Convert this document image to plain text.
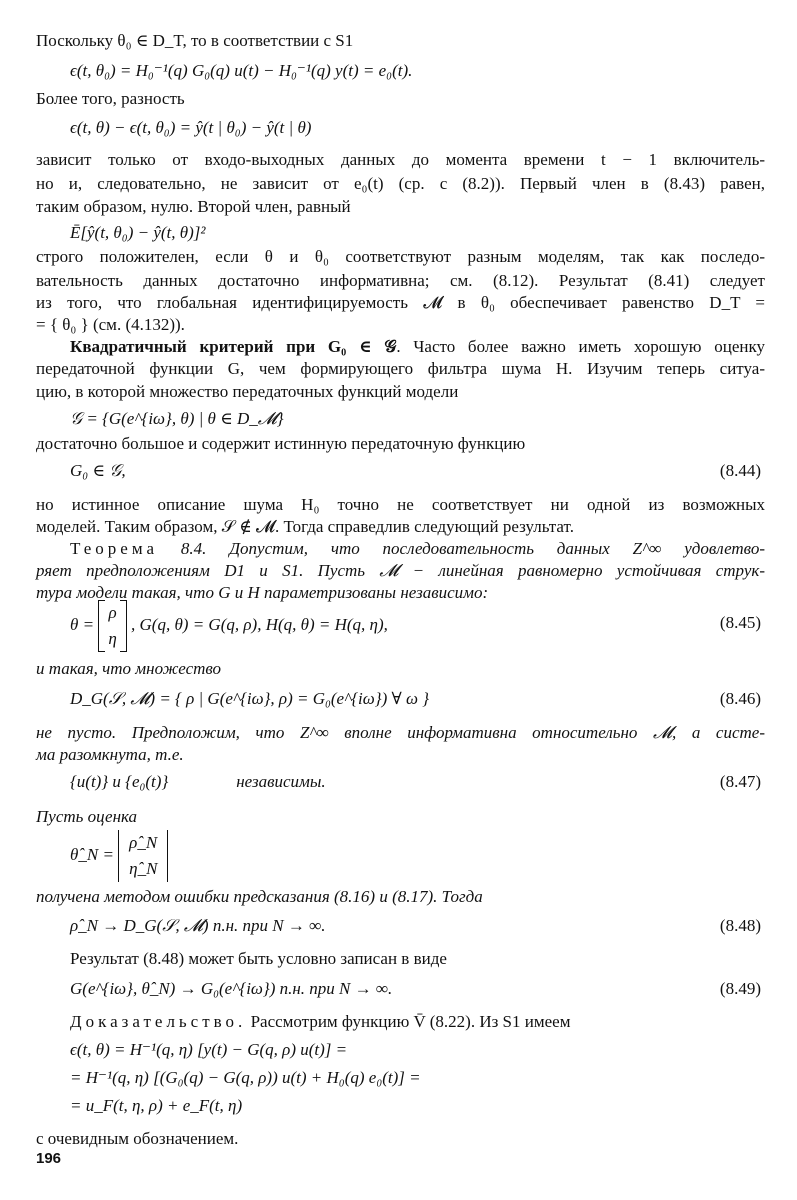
Поскольку θ₀ ∈ D_T, то в соответствии с S1
ϵ(t, θ₀) = H₀⁻¹(q) G₀(q) u(t) − H₀⁻¹(q) y(t) = e₀(t).
Более того, разность
ϵ(t, θ) − ϵ(t, θ₀) = ŷ(t | θ₀) − ŷ(t | θ)
зависит только от входо-выходных данных до момента времени t − 1 включитель-
но и, следовательно, не зависит от e₀(t) (ср. с (8.2)). Первый член в (8.43) равен,
таким образом, нулю. Второй член, равный
Ē[ŷ(t, θ₀) − ŷ(t, θ)]²
строго положителен, если θ и θ₀ соответствуют разным моделям, так как последо-
вательность данных достаточно информативна; см. (8.12). Результат (8.41) следует
из того, что глобальная идентифицируемость 𝓜 в θ₀ обеспечивает равенство D_T =
= { θ₀ } (см. (4.132)).
Квадратичный критерий при G₀ ∈ 𝒢. Часто более важно иметь хорошую оценку
передаточной функции G, чем формирующего фильтра шума H. Изучим теперь ситуа-
цию, в которой множество передаточных функций модели
𝒢 = {G(e^{iω}, θ) | θ ∈ D_𝓜}
достаточно большое и содержит истинную передаточную функцию
G₀ ∈ 𝒢,	(8.44)
но истинное описание шума H₀ точно не соответствует ни одной из возможных
моделей. Таким образом, 𝒮 ∉ 𝓜. Тогда справедлив следующий результат.
Теорема 8.4. Допустим, что последовательность данных Z^∞ удовлетво-
ряет предположениям D1 и S1. Пусть 𝓜 − линейная равномерно устойчивая струк-
тура модели такая, что G и H параметризованы независимо:
θ =
ρ
η
, G(q, θ) = G(q, ρ), H(q, θ) = H(q, η),	(8.45)
и такая, что множество
D_G(𝒮, 𝓜) = { ρ | G(e^{iω}, ρ) = G₀(e^{iω}) ∀ ω }	(8.46)
не пусто. Предположим, что Z^∞ вполне информативна относительно 𝓜, а систе-
ма разомкнута, т.е.
{u(t)} и {e₀(t)}	независимы.	(8.47)
Пусть оценка
θ̂_N =
ρ̂_N
η̂_N
получена методом ошибки предсказания (8.16) и (8.17). Тогда
ρ̂_N → D_G(𝒮, 𝓜) п.н. при N → ∞.	(8.48)
Результат (8.48) может быть условно записан в виде
G(e^{iω}, θ̂_N) → G₀(e^{iω}) п.н. при N → ∞.	(8.49)
Доказательство. Рассмотрим функцию V̄ (8.22). Из S1 имеем
ϵ(t, θ) = H⁻¹(q, η) [y(t) − G(q, ρ) u(t)] =
= H⁻¹(q, η) [(G₀(q) − G(q, ρ)) u(t) + H₀(q) e₀(t)] =
= u_F(t, η, ρ) + e_F(t, η)
с очевидным обозначением.
196
